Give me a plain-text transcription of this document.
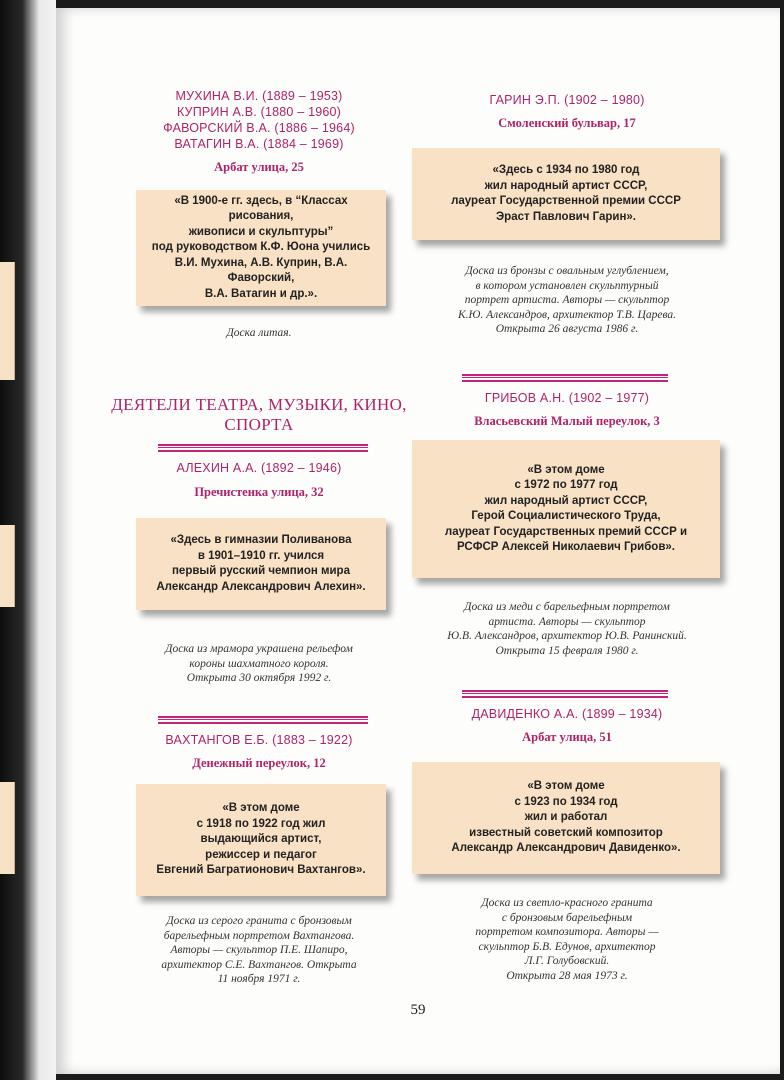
МУХИНА В.И. (1889 – 1953)
КУПРИН А.В. (1880 – 1960)
ФАВОРСКИЙ В.А. (1886 – 1964)
ВАТАГИН В.А. (1884 – 1969)
Арбат улица, 25
«В 1900-е гг. здесь, в “Классах рисования,
живописи и скульптуры”
под руководством К.Ф. Юона учились
В.И. Мухина, А.В. Куприн, В.А. Фаворский,
В.А. Ватагин и др.».
Доска литая.
ДЕЯТЕЛИ ТЕАТРА, МУЗЫКИ, КИНО,
СПОРТА
АЛЕХИН А.А. (1892 – 1946)
Пречистенка улица, 32
«Здесь в гимназии Поливанова
в 1901–1910 гг. учился
первый русский чемпион мира
Александр Александрович Алехин».
Доска из мрамора украшена рельефом
короны шахматного короля.
Открыта 30 октября 1992 г.
ВАХТАНГОВ Е.Б. (1883 – 1922)
Денежный переулок, 12
«В этом доме
с 1918 по 1922 год жил
выдающийся артист,
режиссер и педагог
Евгений Багратионович Вахтангов».
Доска из серого гранита с бронзовым
барельефным портретом Вахтангова.
Авторы — скульптор П.Е. Шапиро,
архитектор С.Е. Вахтангов. Открыта
11 ноября 1971 г.
ГАРИН Э.П. (1902 – 1980)
Смоленский бульвар, 17
«Здесь с 1934 по 1980 год
жил народный артист СССР,
лауреат Государственной премии СССР
Эраст Павлович Гарин».
Доска из бронзы с овальным углублением,
в котором установлен скульптурный
портрет артиста. Авторы — скульптор
К.Ю. Александров, архитектор Т.В. Царева.
Открыта 26 августа 1986 г.
ГРИБОВ А.Н. (1902 – 1977)
Власьевский Малый переулок, 3
«В этом доме
с 1972 по 1977 год
жил народный артист СССР,
Герой Социалистического Труда,
лауреат Государственных премий СССР и
РСФСР Алексей Николаевич Грибов».
Доска из меди с барельефным портретом
артиста. Авторы — скульптор
Ю.В. Александров, архитектор Ю.В. Ранинский.
Открыта 15 февраля 1980 г.
ДАВИДЕНКО А.А. (1899 – 1934)
Арбат улица, 51
«В этом доме
с 1923 по 1934 год
жил и работал
известный советский композитор
Александр Александрович Давиденко».
Доска из светло-красного гранита
с бронзовым барельефным
портретом композитора. Авторы —
скульптор Б.В. Едунов, архитектор
Л.Г. Голубовский.
Открыта 28 мая 1973 г.
59
